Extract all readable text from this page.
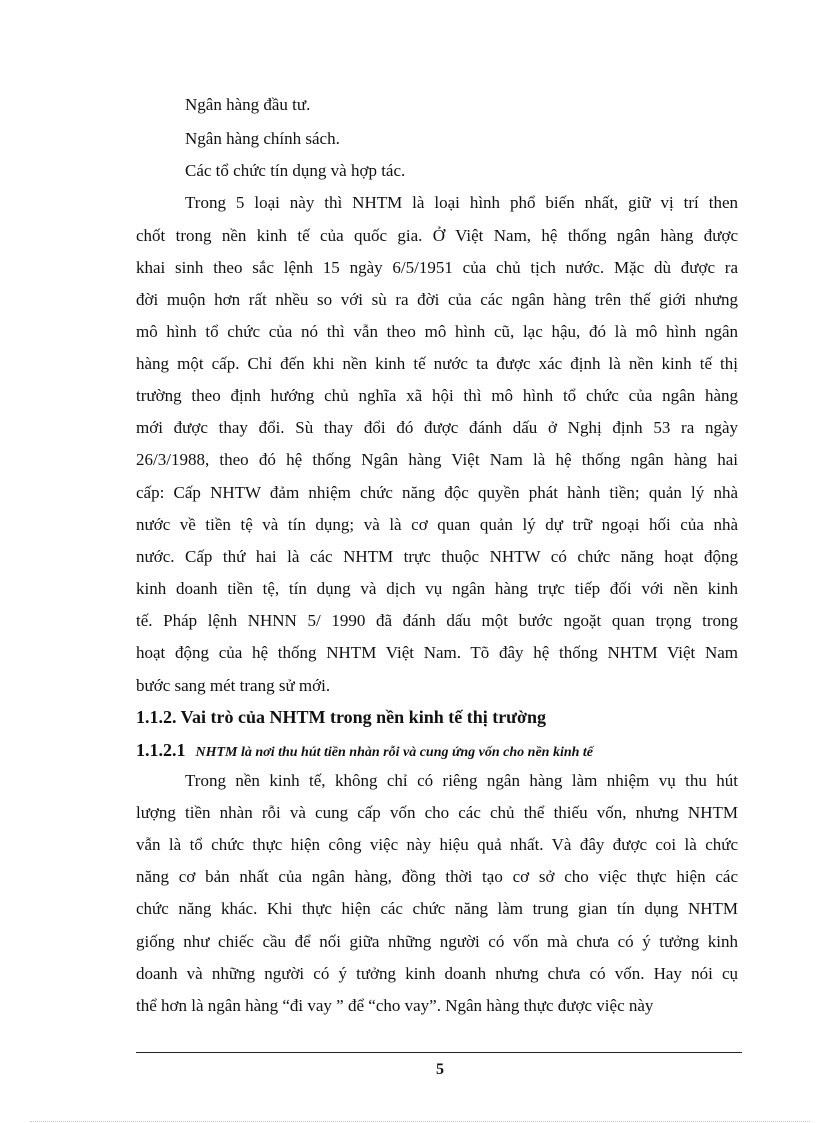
Ngân hàng đầu tư.
Ngân hàng chính sách.
Các tổ chức tín dụng và hợp tác.
Trong 5 loại này thì NHTM là loại hình phổ biến nhất, giữ vị trí then
chốt trong nền kinh tế của quốc gia. Ở Việt Nam, hệ thống ngân hàng được
khai sinh theo sắc lệnh 15 ngày 6/5/1951 của chủ tịch nước. Mặc dù được ra
đời muộn hơn rất nhều so với sù ra đời của các ngân hàng trên thế giới nhưng
mô hình tổ chức của nó thì vẫn theo mô hình cũ, lạc hậu, đó là mô hình ngân
hàng một cấp. Chỉ đến khi nền kinh tế nước ta được xác định là nền kinh tế thị
trường theo định hướng chủ nghĩa xã hội thì mô hình tổ chức của ngân hàng
mới được thay đổi. Sù thay đổi đó được đánh dấu ở Nghị định 53 ra ngày
26/3/1988, theo đó hệ thống Ngân hàng Việt Nam là hệ thống ngân hàng hai
cấp: Cấp NHTW đảm nhiệm chức năng độc quyền phát hành tiền; quản lý nhà
nước về tiền tệ và tín dụng; và là cơ quan quản lý dự trữ ngoại hối của nhà
nước. Cấp thứ hai là các NHTM trực thuộc NHTW có chức năng hoạt động
kinh doanh tiền tệ, tín dụng và dịch vụ ngân hàng trực tiếp đối với nền kinh
tế. Pháp lệnh NHNN 5/ 1990 đã đánh dấu một bước ngoặt quan trọng trong
hoạt động của hệ thống NHTM Việt Nam. Tõ đây hệ thống NHTM Việt Nam
bước sang mét trang sử mới.
1.1.2. Vai trò của NHTM trong nền kinh tế thị trường
1.1.2.1 NHTM là nơi thu hút tiền nhàn rỗi và cung ứng vốn cho nền kinh tế
Trong nền kinh tế, không chỉ có riêng ngân hàng làm nhiệm vụ thu hút
lượng tiền nhàn rỗi và cung cấp vốn cho các chủ thể thiếu vốn, nhưng NHTM
vẫn là tổ chức thực hiện công việc này hiệu quả nhất. Và đây được coi là chức
năng cơ bản nhất của ngân hàng, đồng thời tạo cơ sở cho việc thực hiện các
chức năng khác. Khi thực hiện các chức năng làm trung gian tín dụng NHTM
giống như chiếc cầu để nối giữa những người có vốn mà chưa có ý tưởng kinh
doanh và những người có ý tưởng kinh doanh nhưng chưa có vốn. Hay nói cụ
thể hơn là ngân hàng “đi vay ” để “cho vay”. Ngân hàng thực được việc này
5
